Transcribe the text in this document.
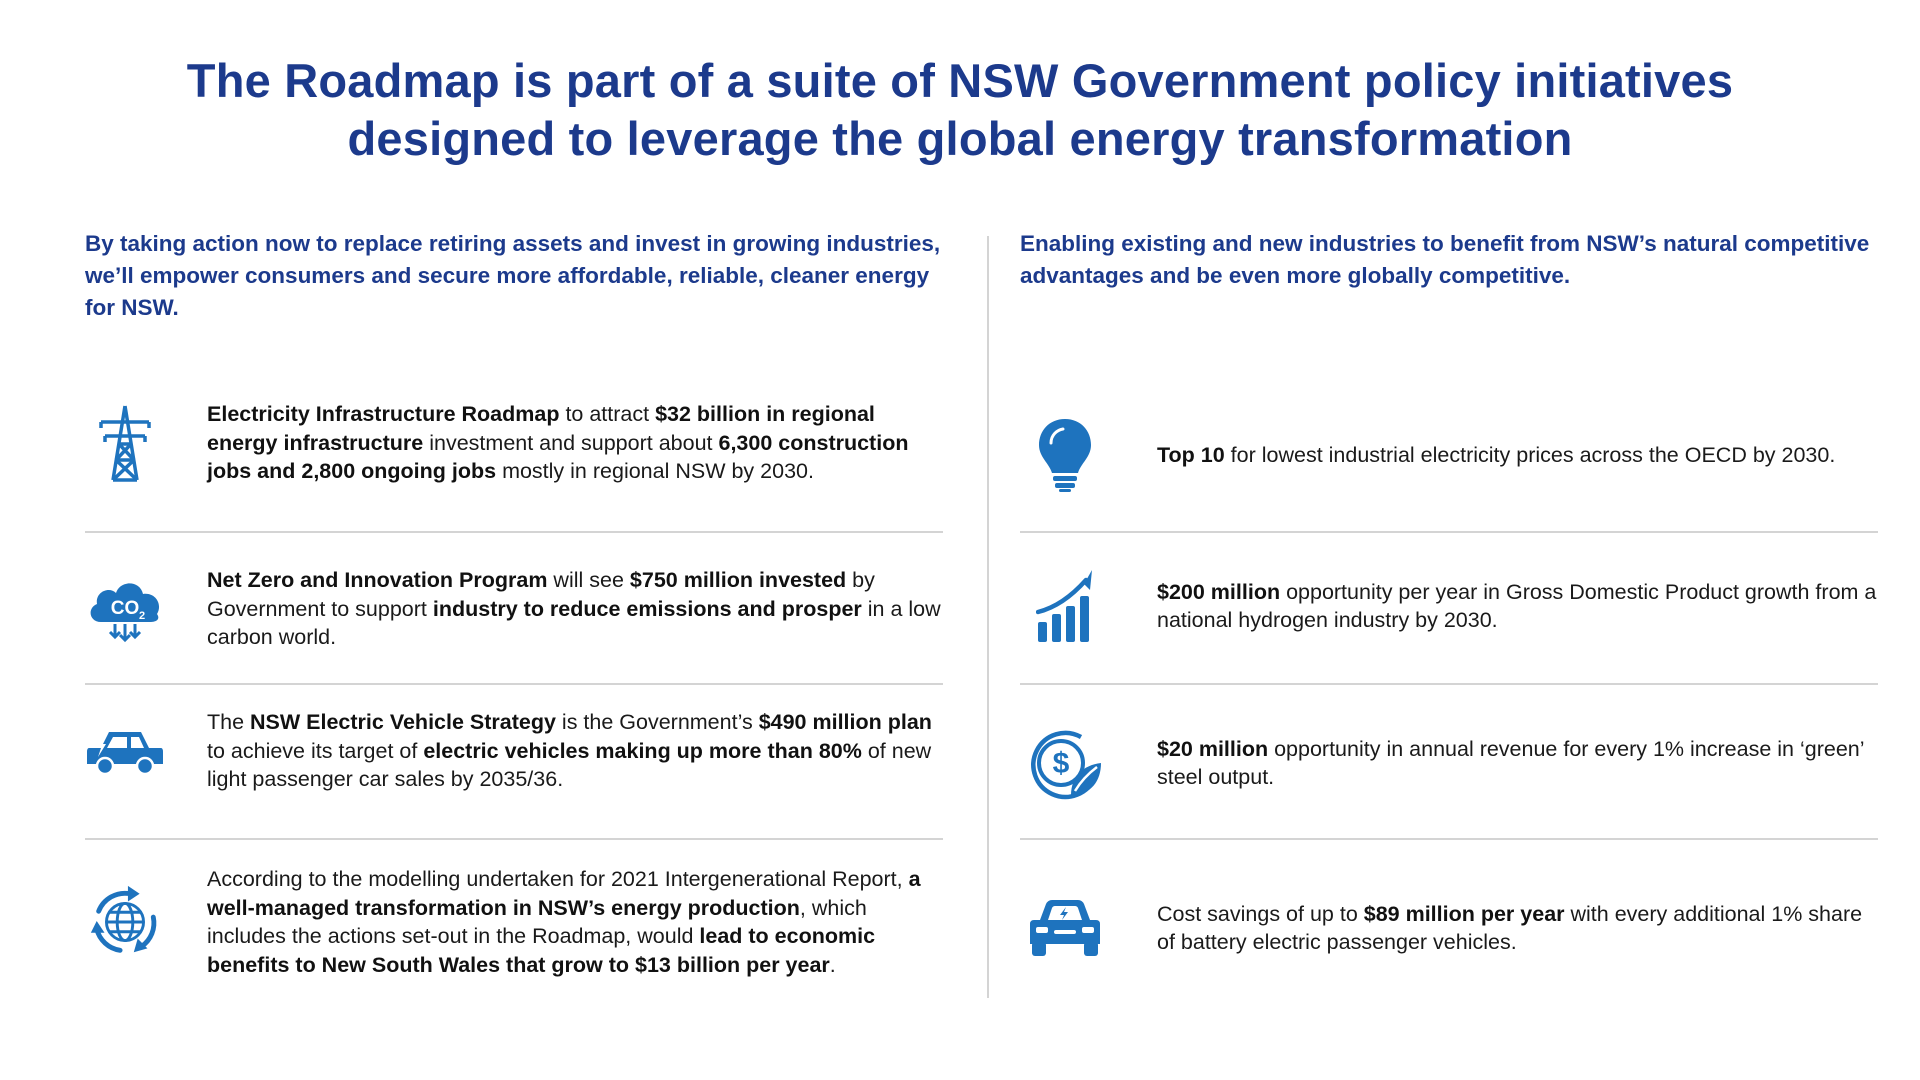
The Roadmap is part of a suite of NSW Government policy initiatives
designed to leverage the global energy transformation

By taking action now to replace retiring assets and invest in growing industries, we’ll empower consumers and secure more affordable, reliable, cleaner energy for NSW.

Electricity Infrastructure Roadmap to attract $32 billion in regional energy infrastructure investment and support about 6,300 construction jobs and 2,800 ongoing jobs mostly in regional NSW by 2030.
CO 2
Net Zero and Innovation Program will see $750 million invested by Government to support industry to reduce emissions and prosper in a low carbon world.
The NSW Electric Vehicle Strategy is the Government’s $490 million plan to achieve its target of electric vehicles making up more than 80% of new light passenger car sales by 2035/36.
According to the modelling undertaken for 2021 Intergenerational Report, a well-managed transformation in NSW’s energy production, which includes the actions set-out in the Roadmap, would lead to economic benefits to New South Wales that grow to $13 billion per year.

Enabling existing and new industries to benefit from NSW’s natural competitive advantages and be even more globally competitive.

Top 10 for lowest industrial electricity prices across the OECD by 2030.
$200 million opportunity per year in Gross Domestic Product growth from a national hydrogen industry by 2030.
$	$20 million opportunity in annual revenue for every 1% increase in ‘green’ steel output.
Cost savings of up to $89 million per year with every additional 1% share of battery electric passenger vehicles.
